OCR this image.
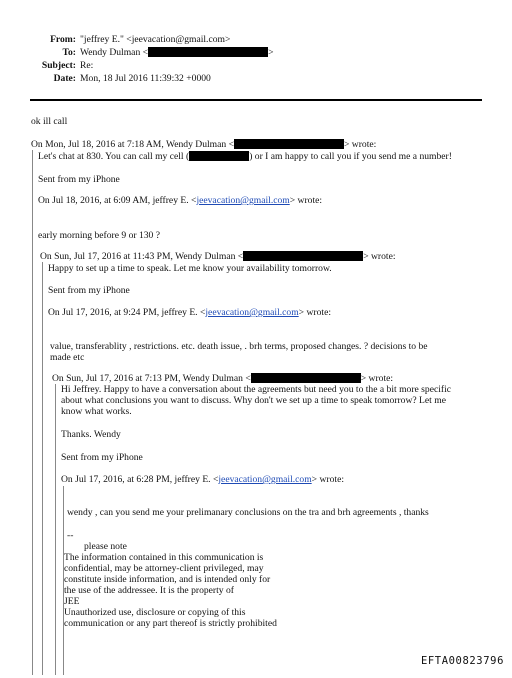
From: "jeffrey E." <jeevacation@gmail.com>
To: Wendy Dulman <	>
Subject: Re:
Date: Mon, 18 Jul 2016 11:39:32 +0000
ok ill call
On Mon, Jul 18, 2016 at 7:18 AM, Wendy Dulman <	> wrote:
Let's chat at 830. You can call my cell (	) or I am happy to call you if you send me a number!
Sent from my iPhone
On Jul 18, 2016, at 6:09 AM, jeffrey E. <jeevacation@gmail.com> wrote:
early morning before 9 or 130 ?
On Sun, Jul 17, 2016 at 11:43 PM, Wendy Dulman <	> wrote:
Happy to set up a time to speak. Let me know your availability tomorrow.
Sent from my iPhone
On Jul 17, 2016, at 9:24 PM, jeffrey E. <jeevacation@gmail.com> wrote:
value, transferablity , restrictions. etc. death issue, . brh terms, proposed changes. ? decisions to be
made etc
On Sun, Jul 17, 2016 at 7:13 PM, Wendy Dulman <	> wrote:
Hi Jeffrey. Happy to have a conversation about the agreements but need you to the a bit more specific
about what conclusions you want to discuss. Why don't we set up a time to speak tomorrow? Let me
know what works.
Thanks. Wendy
Sent from my iPhone
On Jul 17, 2016, at 6:28 PM, jeffrey E. <jeevacation@gmail.com> wrote:
wendy , can you send me your prelimanary conclusions on the tra and brh agreements , thanks
--
please note
The information contained in this communication is
confidential, may be attorney-client privileged, may
constitute inside information, and is intended only for
the use of the addressee. It is the property of
JEE
Unauthorized use, disclosure or copying of this
communication or any part thereof is strictly prohibited
EFTA00823796
